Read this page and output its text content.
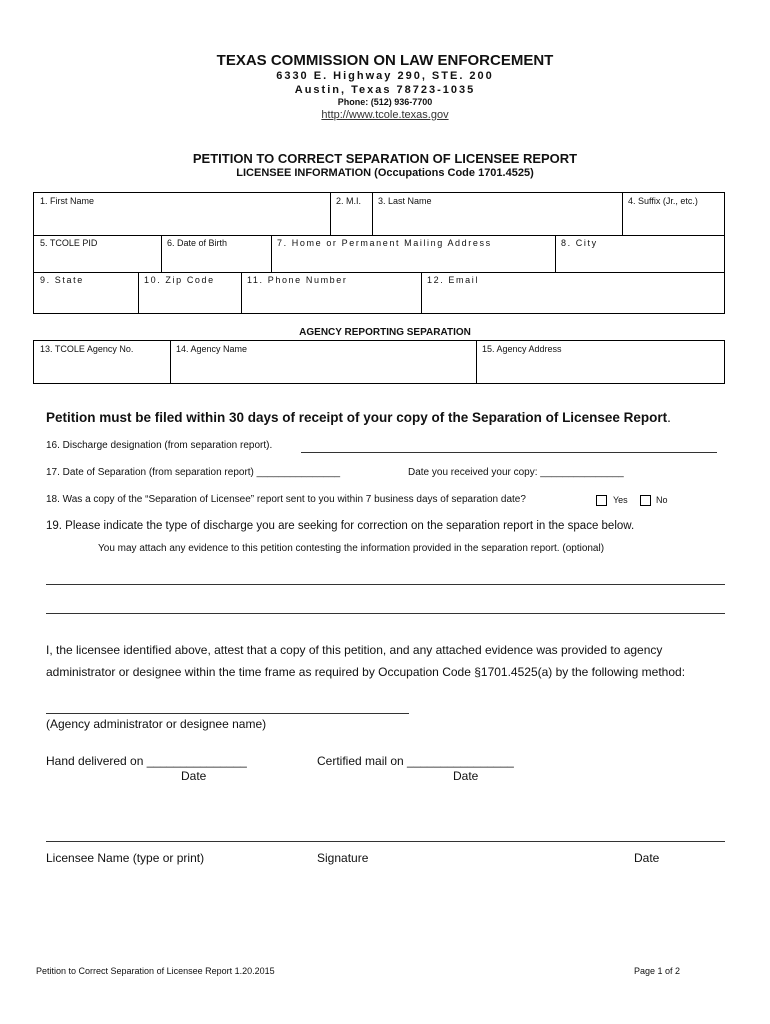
TEXAS COMMISSION ON LAW ENFORCEMENT
6330 E. Highway 290, STE. 200
Austin, Texas 78723-1035
Phone: (512) 936-7700
http://www.tcole.texas.gov
PETITION TO CORRECT SEPARATION OF LICENSEE REPORT
LICENSEE INFORMATION (Occupations Code 1701.4525)
1. First Name	2. M.I.	3. Last Name	4. Suffix (Jr., etc.)
5. TCOLE PID	6. Date of Birth	7. Home or Permanent Mailing Address	8. City
9. State	10. Zip Code	11. Phone Number	12. Email
AGENCY REPORTING SEPARATION
13. TCOLE Agency No.	14. Agency Name	15. Agency Address
Petition must be filed within 30 days of receipt of your copy of the Separation of Licensee Report.
16. Discharge designation (from separation report).
17. Date of Separation (from separation report) _______________	Date you received your copy: _______________
18. Was a copy of the “Separation of Licensee” report sent to you within 7 business days of separation date?	Yes	No
19. Please indicate the type of discharge you are seeking for correction on the separation report in the space below.
You may attach any evidence to this petition contesting the information provided in the separation report. (optional)
I, the licensee identified above, attest that a copy of this petition, and any attached evidence was provided to agency
administrator or designee within the time frame as required by Occupation Code §1701.4525(a) by the following method:
(Agency administrator or designee name)
Hand delivered on _______________
Date
Certified mail on ________________
Date
Licensee Name (type or print)	Signature	Date
Petition to Correct Separation of Licensee Report 1.20.2015	Page 1 of 2
